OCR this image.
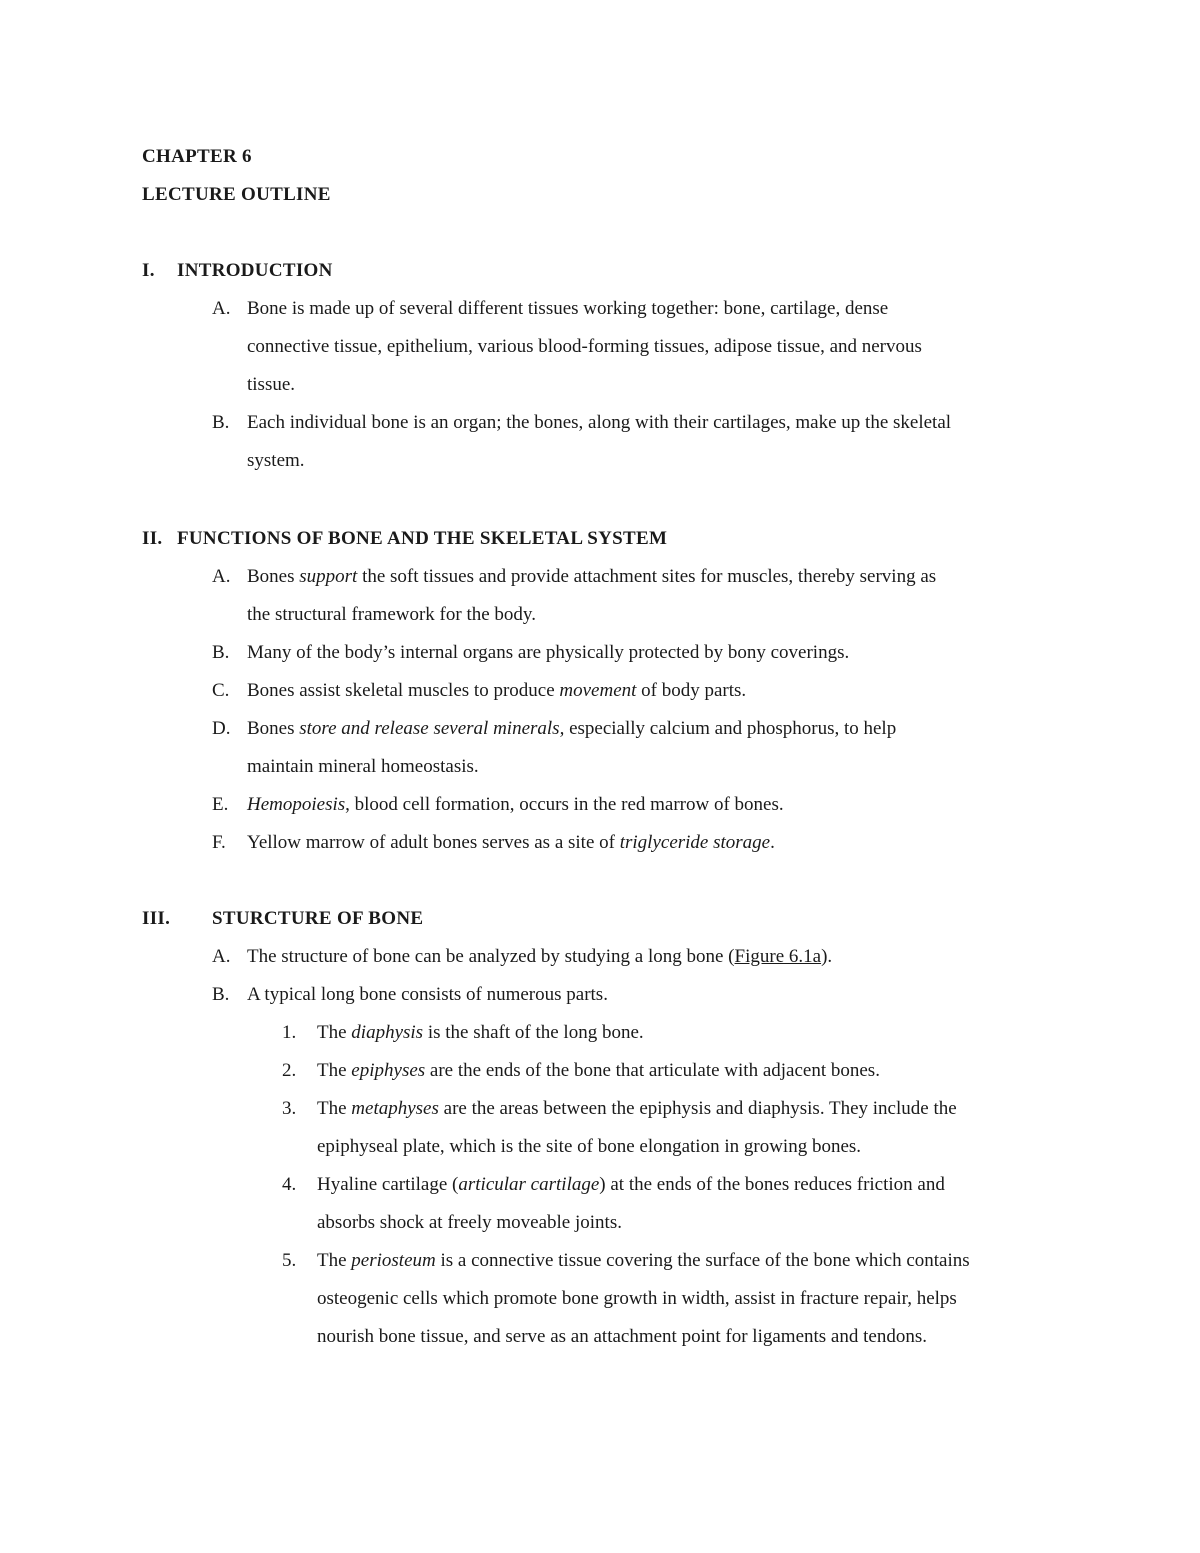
CHAPTER 6
LECTURE OUTLINE
I. INTRODUCTION
A. Bone is made up of several different tissues working together: bone, cartilage, dense
connective tissue, epithelium, various blood-forming tissues, adipose tissue, and nervous
tissue.
B. Each individual bone is an organ; the bones, along with their cartilages, make up the skeletal
system.
II. FUNCTIONS OF BONE AND THE SKELETAL SYSTEM
A. Bones support the soft tissues and provide attachment sites for muscles, thereby serving as
the structural framework for the body.
B. Many of the body’s internal organs are physically protected by bony coverings.
C. Bones assist skeletal muscles to produce movement of body parts.
D. Bones store and release several minerals, especially calcium and phosphorus, to help
maintain mineral homeostasis.
E. Hemopoiesis, blood cell formation, occurs in the red marrow of bones.
F. Yellow marrow of adult bones serves as a site of triglyceride storage.
III. STURCTURE OF BONE
A. The structure of bone can be analyzed by studying a long bone (Figure 6.1a).
B. A typical long bone consists of numerous parts.
1. The diaphysis is the shaft of the long bone.
2. The epiphyses are the ends of the bone that articulate with adjacent bones.
3. The metaphyses are the areas between the epiphysis and diaphysis. They include the
epiphyseal plate, which is the site of bone elongation in growing bones.
4. Hyaline cartilage (articular cartilage) at the ends of the bones reduces friction and
absorbs shock at freely moveable joints.
5. The periosteum is a connective tissue covering the surface of the bone which contains
osteogenic cells which promote bone growth in width, assist in fracture repair, helps
nourish bone tissue, and serve as an attachment point for ligaments and tendons.
